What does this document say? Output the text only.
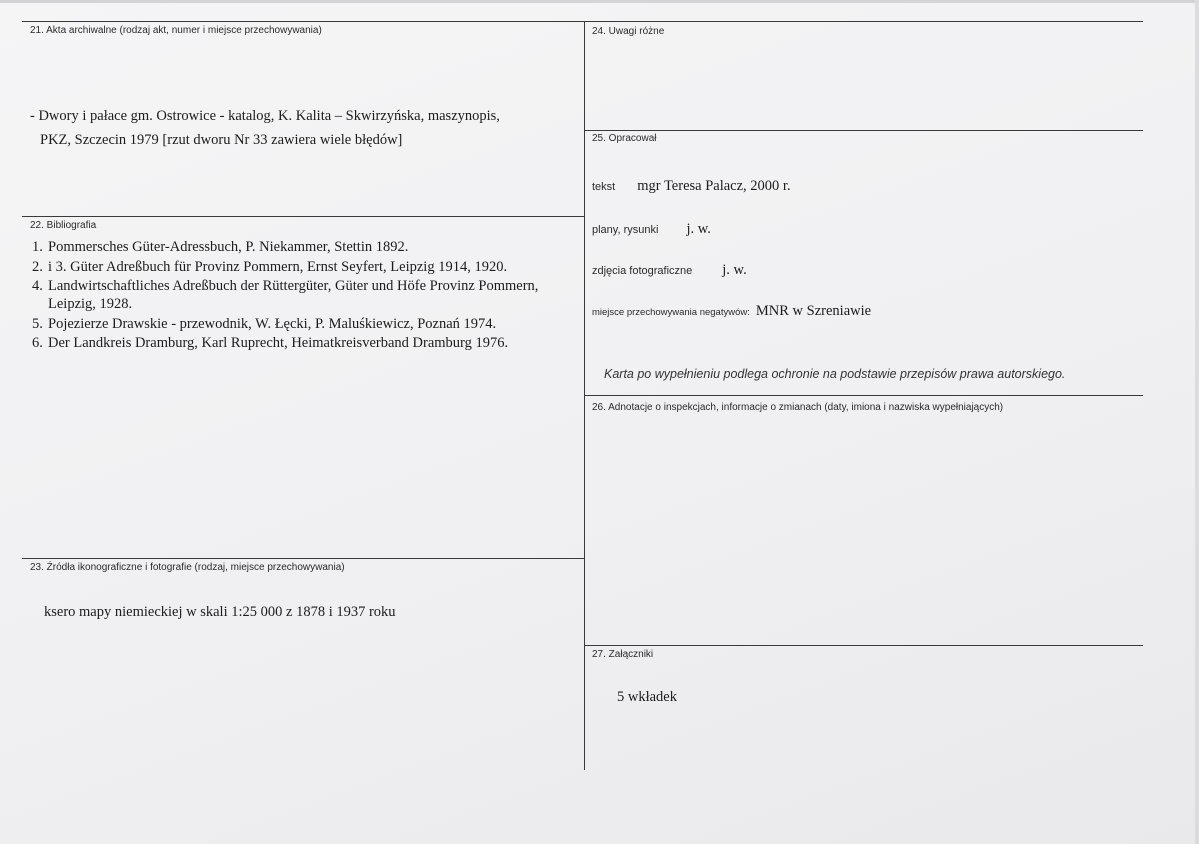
21. Akta archiwalne (rodzaj akt, numer i miejsce przechowywania)
- Dwory i pałace gm. Ostrowice - katalog, K. Kalita – Skwirzyńska, maszynopis,
PKZ, Szczecin 1979 [rzut dworu Nr 33 zawiera wiele błędów]
22. Bibliografia
1. Pommersches Güter-Adressbuch, P. Niekammer, Stettin 1892.
2. i 3. Güter Adreßbuch für Provinz Pommern, Ernst Seyfert, Leipzig 1914, 1920.
4. Landwirtschaftliches Adreßbuch der Rüttergüter, Güter und Höfe Provinz Pommern,
Leipzig, 1928.
5. Pojezierze Drawskie - przewodnik, W. Łęcki, P. Maluśkiewicz, Poznań 1974.
6. Der Landkreis Dramburg, Karl Ruprecht, Heimatkreisverband Dramburg 1976.
23. Źródła ikonograficzne i fotografie (rodzaj, miejsce przechowywania)
ksero mapy niemieckiej w skali 1:25 000 z 1878 i 1937 roku
24. Uwagi różne
25. Opracował
tekst mgr Teresa Palacz, 2000 r.
plany, rysunki j. w.
zdjęcia fotograficzne j. w.
miejsce przechowywania negatywów: MNR w Szreniawie
Karta po wypełnieniu podlega ochronie na podstawie przepisów prawa autorskiego.
26. Adnotacje o inspekcjach, informacje o zmianach (daty, imiona i nazwiska wypełniających)
27. Załączniki
5 wkładek
